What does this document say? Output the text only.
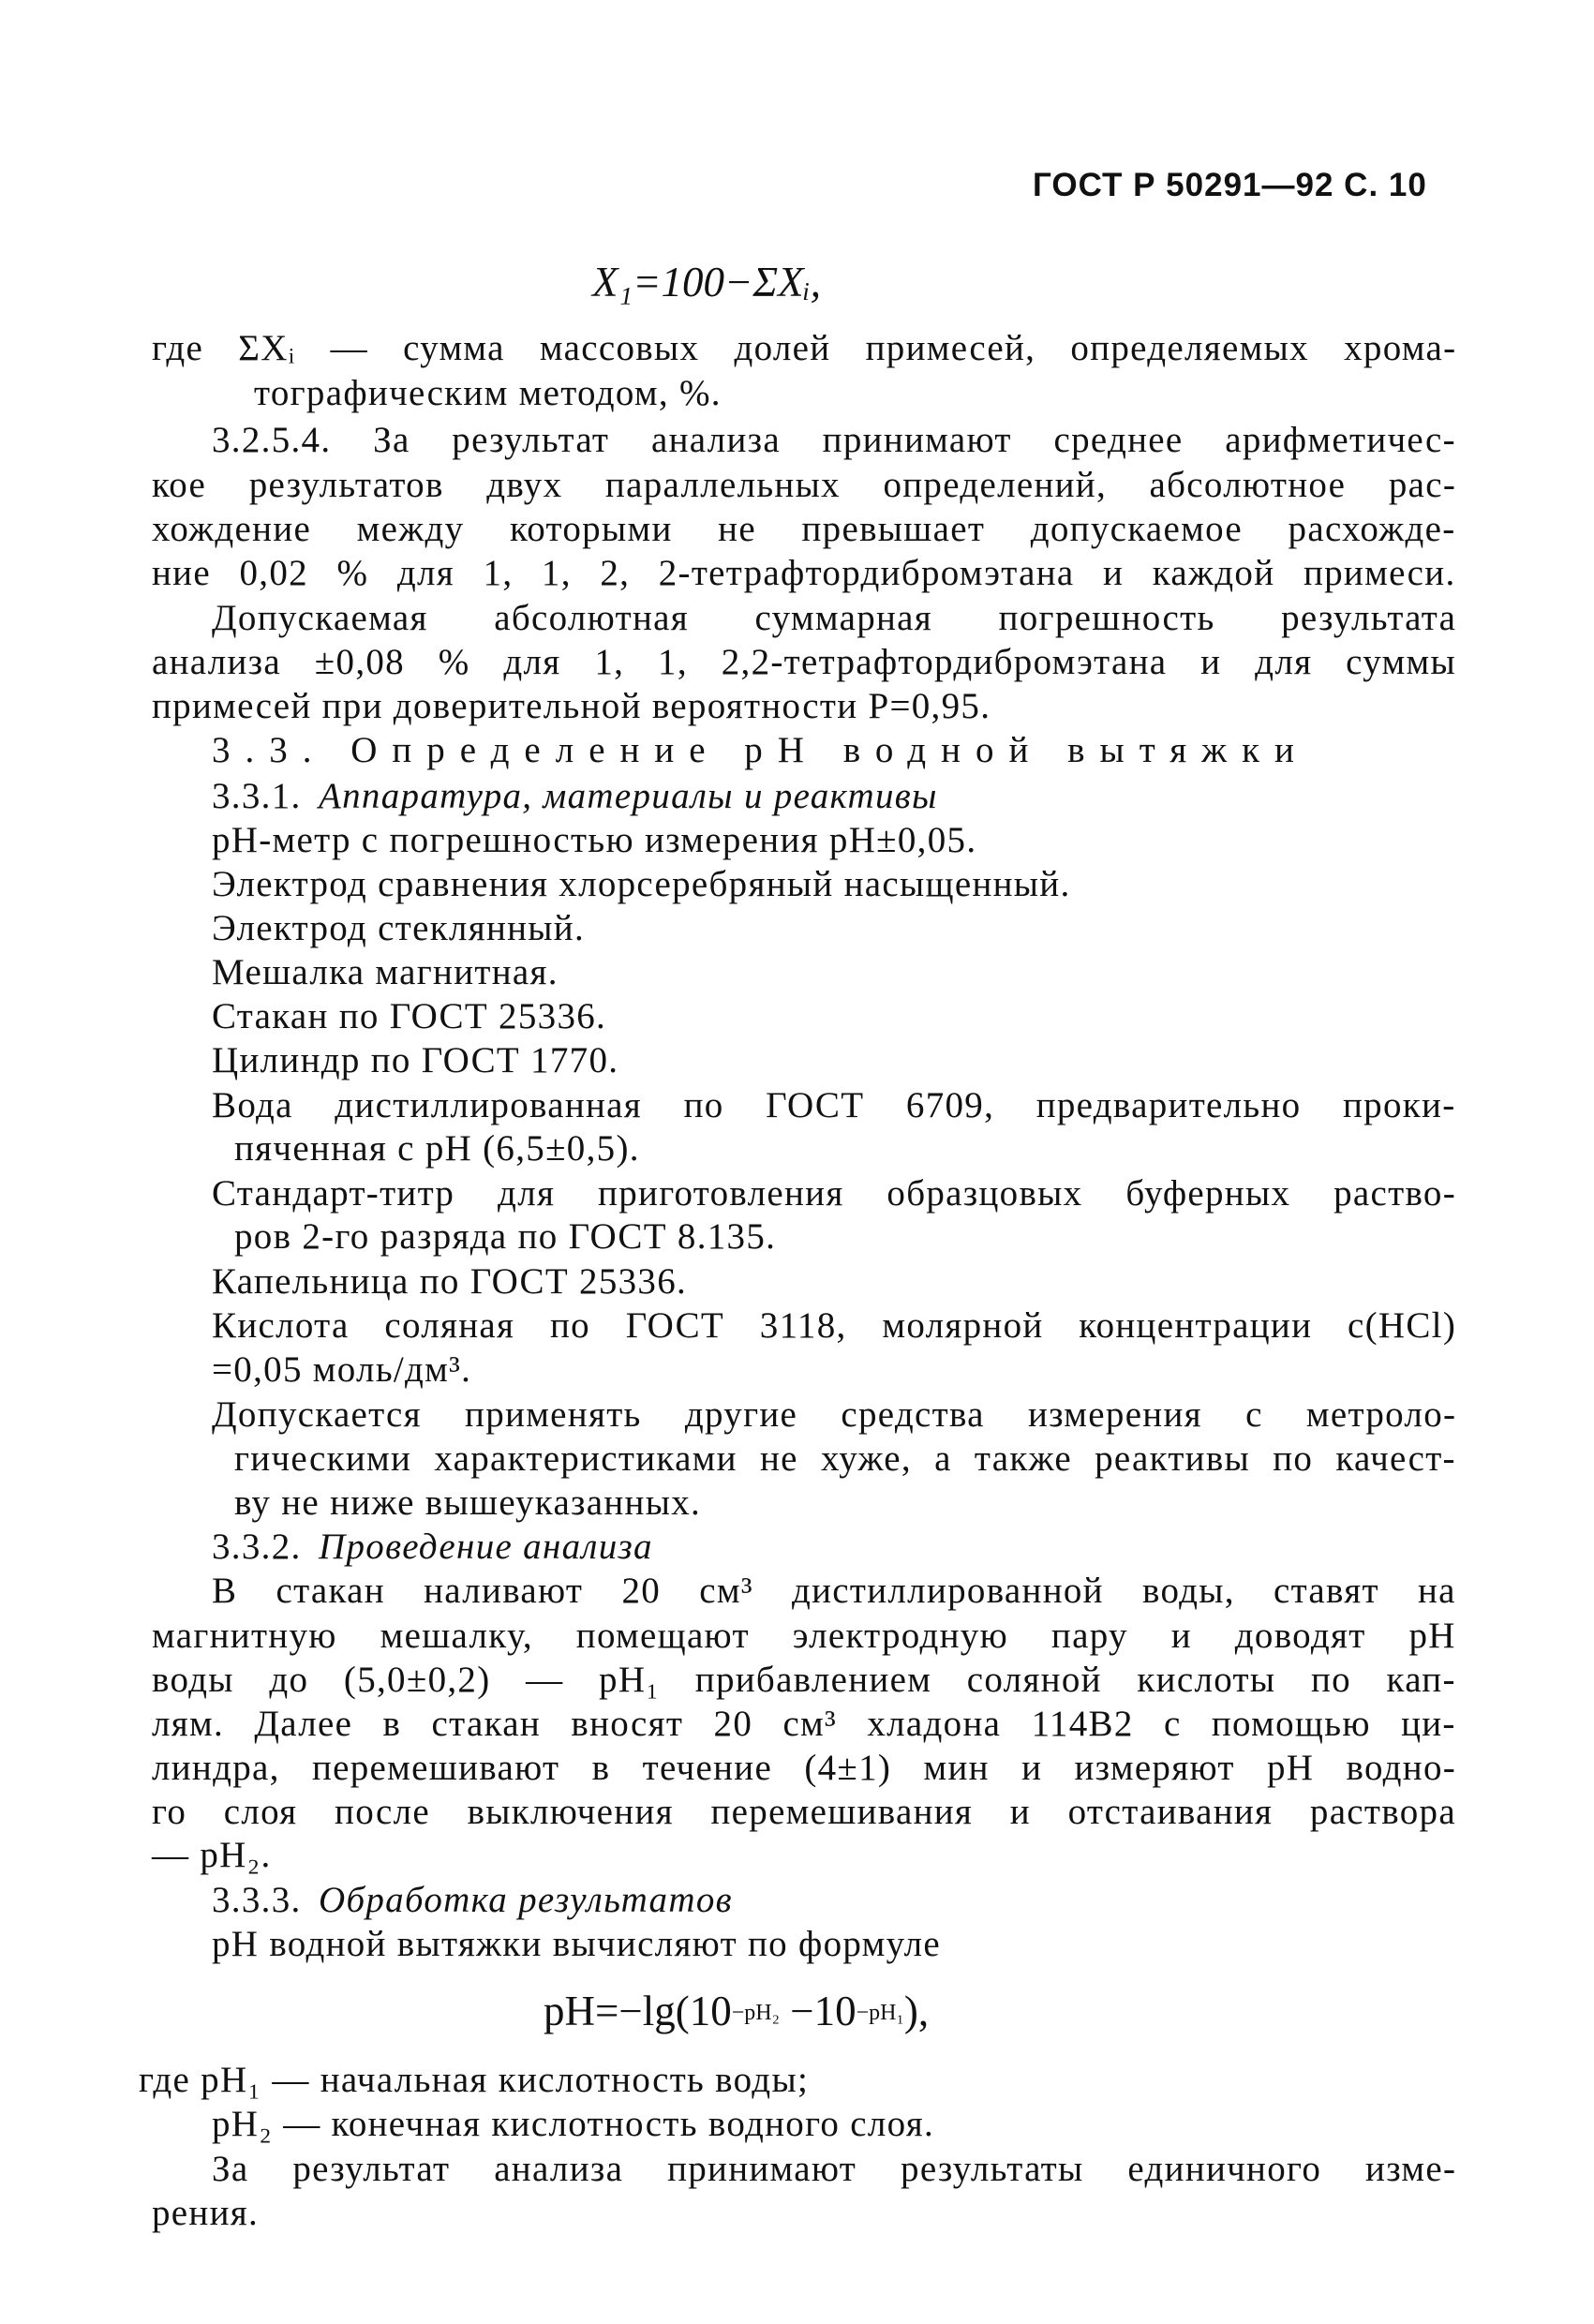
ГОСТ Р 50291—92 С. 10
X₁=100−ΣXᵢ,
где ΣXᵢ — сумма массовых долей примесей, определяемых хрома-
тографическим методом, %.
3.2.5.4. За результат анализа принимают среднее арифметичес-
кое результатов двух параллельных определений, абсолютное рас-
хождение между которыми не превышает допускаемое расхожде-
ние 0,02 % для 1, 1, 2, 2-тетрафтордибромэтана и каждой примеси.
Допускаемая абсолютная суммарная погрешность результата
анализа ±0,08 % для 1, 1, 2,2-тетрафтордибромэтана и для суммы
примесей при доверительной вероятности P=0,95.
3.3. Определение pH водной вытяжки
3.3.1. Аппаратура, материалы и реактивы
pH-метр с погрешностью измерения pH±0,05.
Электрод сравнения хлорсеребряный насыщенный.
Электрод стеклянный.
Мешалка магнитная.
Стакан по ГОСТ 25336.
Цилиндр по ГОСТ 1770.
Вода дистиллированная по ГОСТ 6709, предварительно проки-
пяченная с pH (6,5±0,5).
Стандарт-титр для приготовления образцовых буферных раство-
ров 2-го разряда по ГОСТ 8.135.
Капельница по ГОСТ 25336.
Кислота соляная по ГОСТ 3118, молярной концентрации c(HCl)
=0,05 моль/дм³.
Допускается применять другие средства измерения с метроло-
гическими характеристиками не хуже, а также реактивы по качест-
ву не ниже вышеуказанных.
3.3.2. Проведение анализа
В стакан наливают 20 см³ дистиллированной воды, ставят на
магнитную мешалку, помещают электродную пару и доводят pH
воды до (5,0±0,2) — pH₁ прибавлением соляной кислоты по кап-
лям. Далее в стакан вносят 20 см³ хладона 114В2 с помощью ци-
линдра, перемешивают в течение (4±1) мин и измеряют pH водно-
го слоя после выключения перемешивания и отстаивания раствора
— pH₂.
3.3.3. Обработка результатов
pH водной вытяжки вычисляют по формуле
где pH₁ — начальная кислотность воды;
pH₂ — конечная кислотность водного слоя.
За результат анализа принимают результаты единичного изме-
рения.
$pH=-\lg(10^{-pH_2} -10^{-pH_1})$,
